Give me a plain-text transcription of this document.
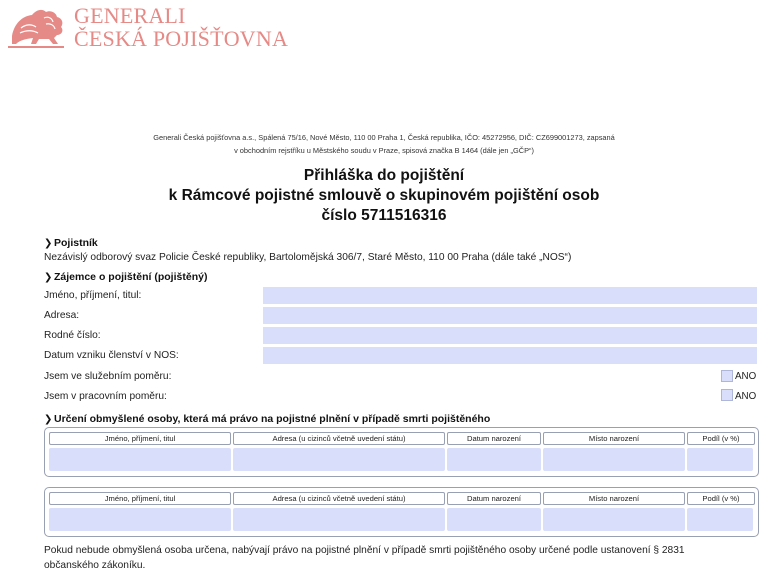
GENERALI
ČESKÁ POJIŠŤOVNA
Generali Česká pojišťovna a.s., Spálená 75/16, Nové Město, 110 00 Praha 1, Česká republika, IČO: 45272956, DIČ: CZ699001273, zapsaná
v obchodním rejstříku u Městského soudu v Praze, spisová značka B 1464 (dále jen „GČP“)
Přihláška do pojištění
k Rámcové pojistné smlouvě o skupinovém pojištění osob
číslo 5711516316
❯ Pojistník
Nezávislý odborový svaz Policie České republiky, Bartolomějská 306/7, Staré Město, 110 00 Praha (dále také „NOS“)
❯ Zájemce o pojištění (pojištěný)
Jméno, příjmení, titul:
Adresa:
Rodné číslo:
Datum vzniku členství v NOS:
Jsem ve služebním poměru:	ANO
Jsem v pracovním poměru:	ANO
❯ Určení obmyšlené osoby, která má právo na pojistné plnění v případě smrti pojištěného
Jméno, příjmení, titul	Adresa (u cizinců včetně uvedení státu)	Datum narození	Místo narození	Podíl (v %)
Jméno, příjmení, titul	Adresa (u cizinců včetně uvedení státu)	Datum narození	Místo narození	Podíl (v %)
Pokud nebude obmyšlená osoba určena, nabývají právo na pojistné plnění v případě smrti pojištěného osoby určené podle ustanovení § 2831
občanského zákoníku.
